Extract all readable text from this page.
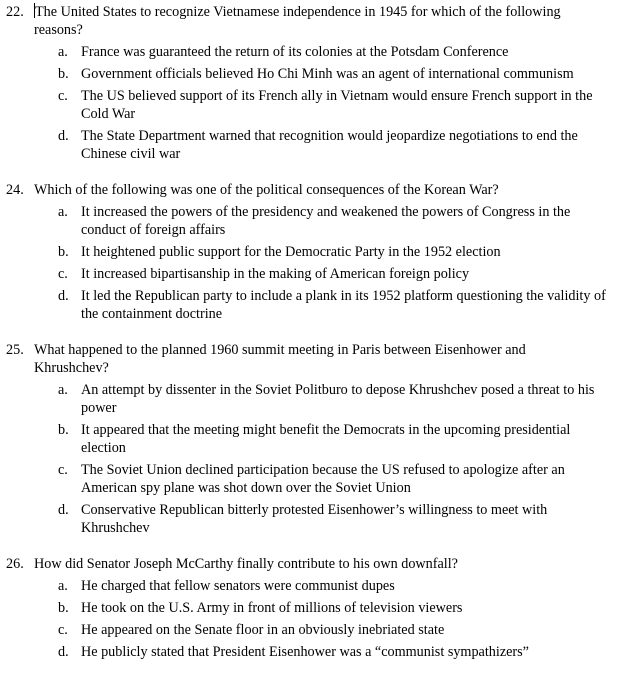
22. The United States to recognize Vietnamese independence in 1945 for which of the following reasons?
a. France was guaranteed the return of its colonies at the Potsdam Conference
b. Government officials believed Ho Chi Minh was an agent of international communism
c. The US believed support of its French ally in Vietnam would ensure French support in the Cold War
d. The State Department warned that recognition would jeopardize negotiations to end the Chinese civil war
24. Which of the following was one of the political consequences of the Korean War?
a. It increased the powers of the presidency and weakened the powers of Congress in the conduct of foreign affairs
b. It heightened public support for the Democratic Party in the 1952 election
c. It increased bipartisanship in the making of American foreign policy
d. It led the Republican party to include a plank in its 1952 platform questioning the validity of the containment doctrine
25. What happened to the planned 1960 summit meeting in Paris between Eisenhower and Khrushchev?
a. An attempt by dissenter in the Soviet Politburo to depose Khrushchev posed a threat to his power
b. It appeared that the meeting might benefit the Democrats in the upcoming presidential election
c. The Soviet Union declined participation because the US refused to apologize after an American spy plane was shot down over the Soviet Union
d. Conservative Republican bitterly protested Eisenhower’s willingness to meet with Khrushchev
26. How did Senator Joseph McCarthy finally contribute to his own downfall?
a. He charged that fellow senators were communist dupes
b. He took on the U.S. Army in front of millions of television viewers
c. He appeared on the Senate floor in an obviously inebriated state
d. He publicly stated that President Eisenhower was a “communist sympathizers”
